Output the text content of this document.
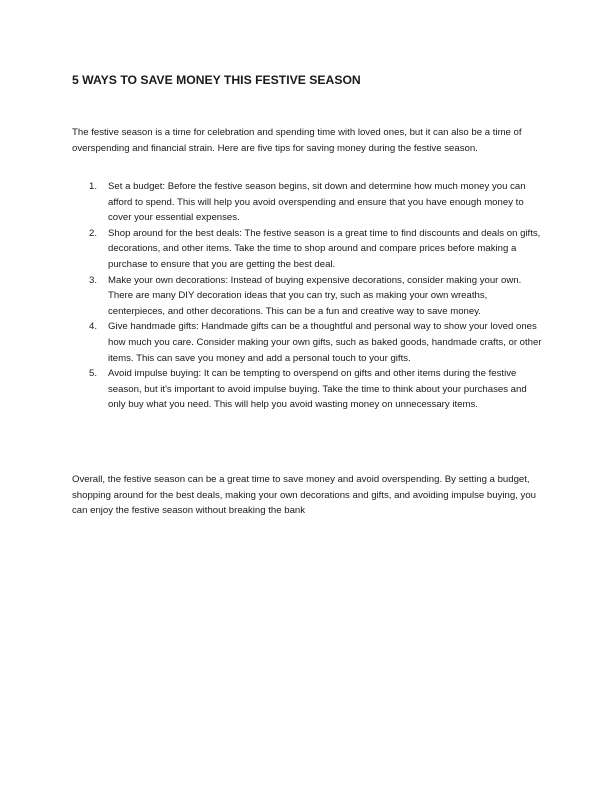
5 WAYS TO SAVE MONEY THIS FESTIVE SEASON

The festive season is a time for celebration and spending time with loved ones, but it can also be a time of overspending and financial strain. Here are five tips for saving money during the festive season.

1. Set a budget: Before the festive season begins, sit down and determine how much money you can afford to spend. This will help you avoid overspending and ensure that you have enough money to cover your essential expenses.
2. Shop around for the best deals: The festive season is a great time to find discounts and deals on gifts, decorations, and other items. Take the time to shop around and compare prices before making a purchase to ensure that you are getting the best deal.
3. Make your own decorations: Instead of buying expensive decorations, consider making your own. There are many DIY decoration ideas that you can try, such as making your own wreaths, centerpieces, and other decorations. This can be a fun and creative way to save money.
4. Give handmade gifts: Handmade gifts can be a thoughtful and personal way to show your loved ones how much you care. Consider making your own gifts, such as baked goods, handmade crafts, or other items. This can save you money and add a personal touch to your gifts.
5. Avoid impulse buying: It can be tempting to overspend on gifts and other items during the festive season, but it's important to avoid impulse buying. Take the time to think about your purchases and only buy what you need. This will help you avoid wasting money on unnecessary items.

Overall, the festive season can be a great time to save money and avoid overspending. By setting a budget, shopping around for the best deals, making your own decorations and gifts, and avoiding impulse buying, you can enjoy the festive season without breaking the bank
